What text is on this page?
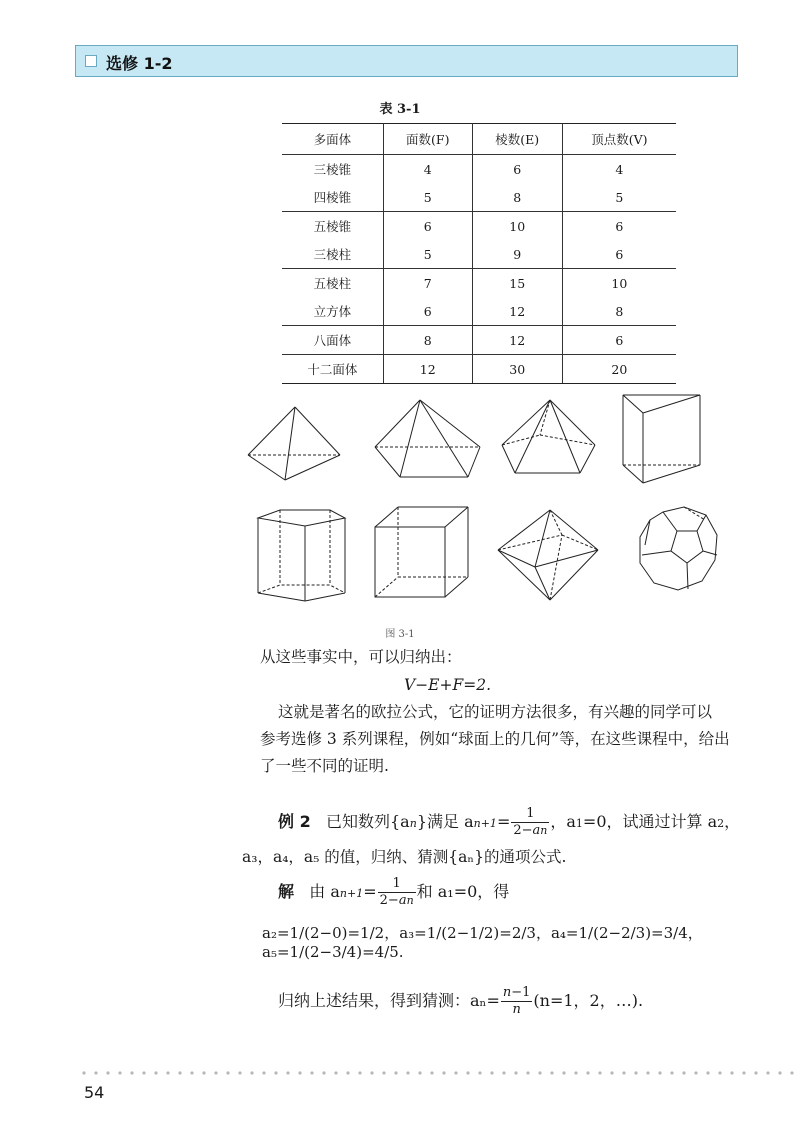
选修 1-2
表 3-1
多面体	面数(F)	棱数(E)	顶点数(V)
三棱锥	4	6	4
四棱锥	5	8	5
五棱锥	6	10	6
三棱柱	5	9	6
五棱柱	7	15	10
立方体	6	12	8
八面体	8	12	6
十二面体	12	30	20
图 3-1
从这些事实中，可以归纳出：
V−E+F=2.
这就是著名的欧拉公式，它的证明方法很多，有兴趣的同学可以
参考选修 3 系列课程，例如“球面上的几何”等，在这些课程中，给出
了一些不同的证明.
例 2 已知数列{an}满足 $an+1= \frac{1}{2-an}$ ，a1=0，试通过计算 a2，
a₃，a₄，a₅ 的值，归纳、猜测{aₙ}的通项公式.
解 由 $an+1= \frac{1}{2-an}$ 和 a₁=0，得
a₂=1/(2−0)=1/2，a₃=1/(2−1/2)=2/3，a₄=1/(2−2/3)=3/4，a₅=1/(2−3/4)=4/5.
归纳上述结果，得到猜测：$a_n= \frac{n-1}{n} (n=1$，2，…).
54
